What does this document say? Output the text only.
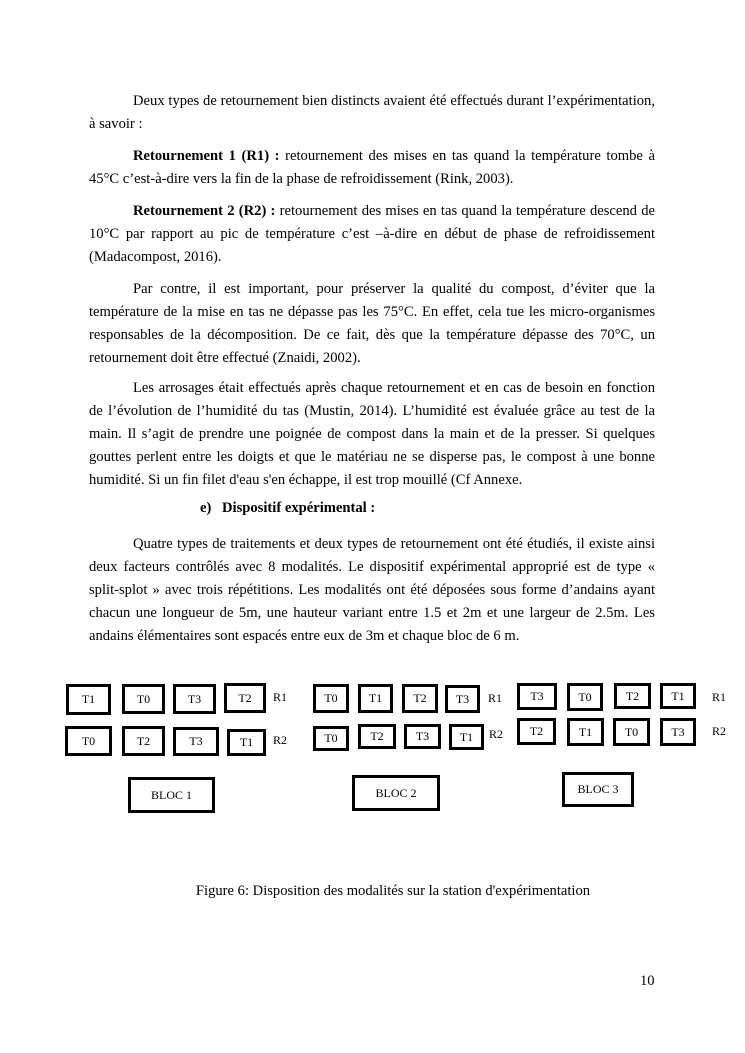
Deux types de retournement bien distincts avaient été effectués durant l’expérimentation, à savoir :

Retournement 1 (R1) : retournement des mises en tas quand la température tombe à 45°C c’est-à-dire vers la fin de la phase de refroidissement (Rink, 2003).

Retournement 2 (R2) : retournement des mises en tas quand la température descend de 10°C par rapport au pic de température c’est –à-dire en début de phase de refroidissement (Madacompost, 2016).

Par contre, il est important, pour préserver la qualité du compost, d’éviter que la température de la mise en tas ne dépasse pas les 75°C. En effet, cela tue les micro-organismes responsables de la décomposition. De ce fait, dès que la température dépasse des 70°C, un retournement doit être effectué (Znaidi, 2002).

Les arrosages était effectués après chaque retournement et en cas de besoin en fonction de l’évolution de l’humidité du tas (Mustin, 2014). L’humidité est évaluée grâce au test de la main. Il s’agit de prendre une poignée de compost dans la main et de la presser. Si quelques gouttes perlent entre les doigts et que le matériau ne se disperse pas, le compost à une bonne humidité. Si un fin filet d'eau s'en échappe, il est trop mouillé (Cf Annexe.

e) Dispositif expérimental :

Quatre types de traitements et deux types de retournement ont été étudiés, il existe ainsi deux facteurs contrôlés avec 8 modalités. Le dispositif expérimental approprié est de type « split-splot » avec trois répétitions. Les modalités ont été déposées sous forme d’andains ayant chacun une longueur de 5m, une hauteur variant entre 1.5 et 2m et une largeur de 2.5m. Les andains élémentaires sont espacés entre eux de 3m et chaque bloc de 6 m.

T1	T0	T3	T2	R1
T0	T2	T3	T1	R2
BLOC 1
T0	T1	T2	T3	R1
T0	T2	T3	T1	R2
BLOC 2
T3	T0	T2	T1	R1
T2	T1	T0	T3	R2
BLOC 3

Figure 6: Disposition des modalités sur la station d'expérimentation

10
